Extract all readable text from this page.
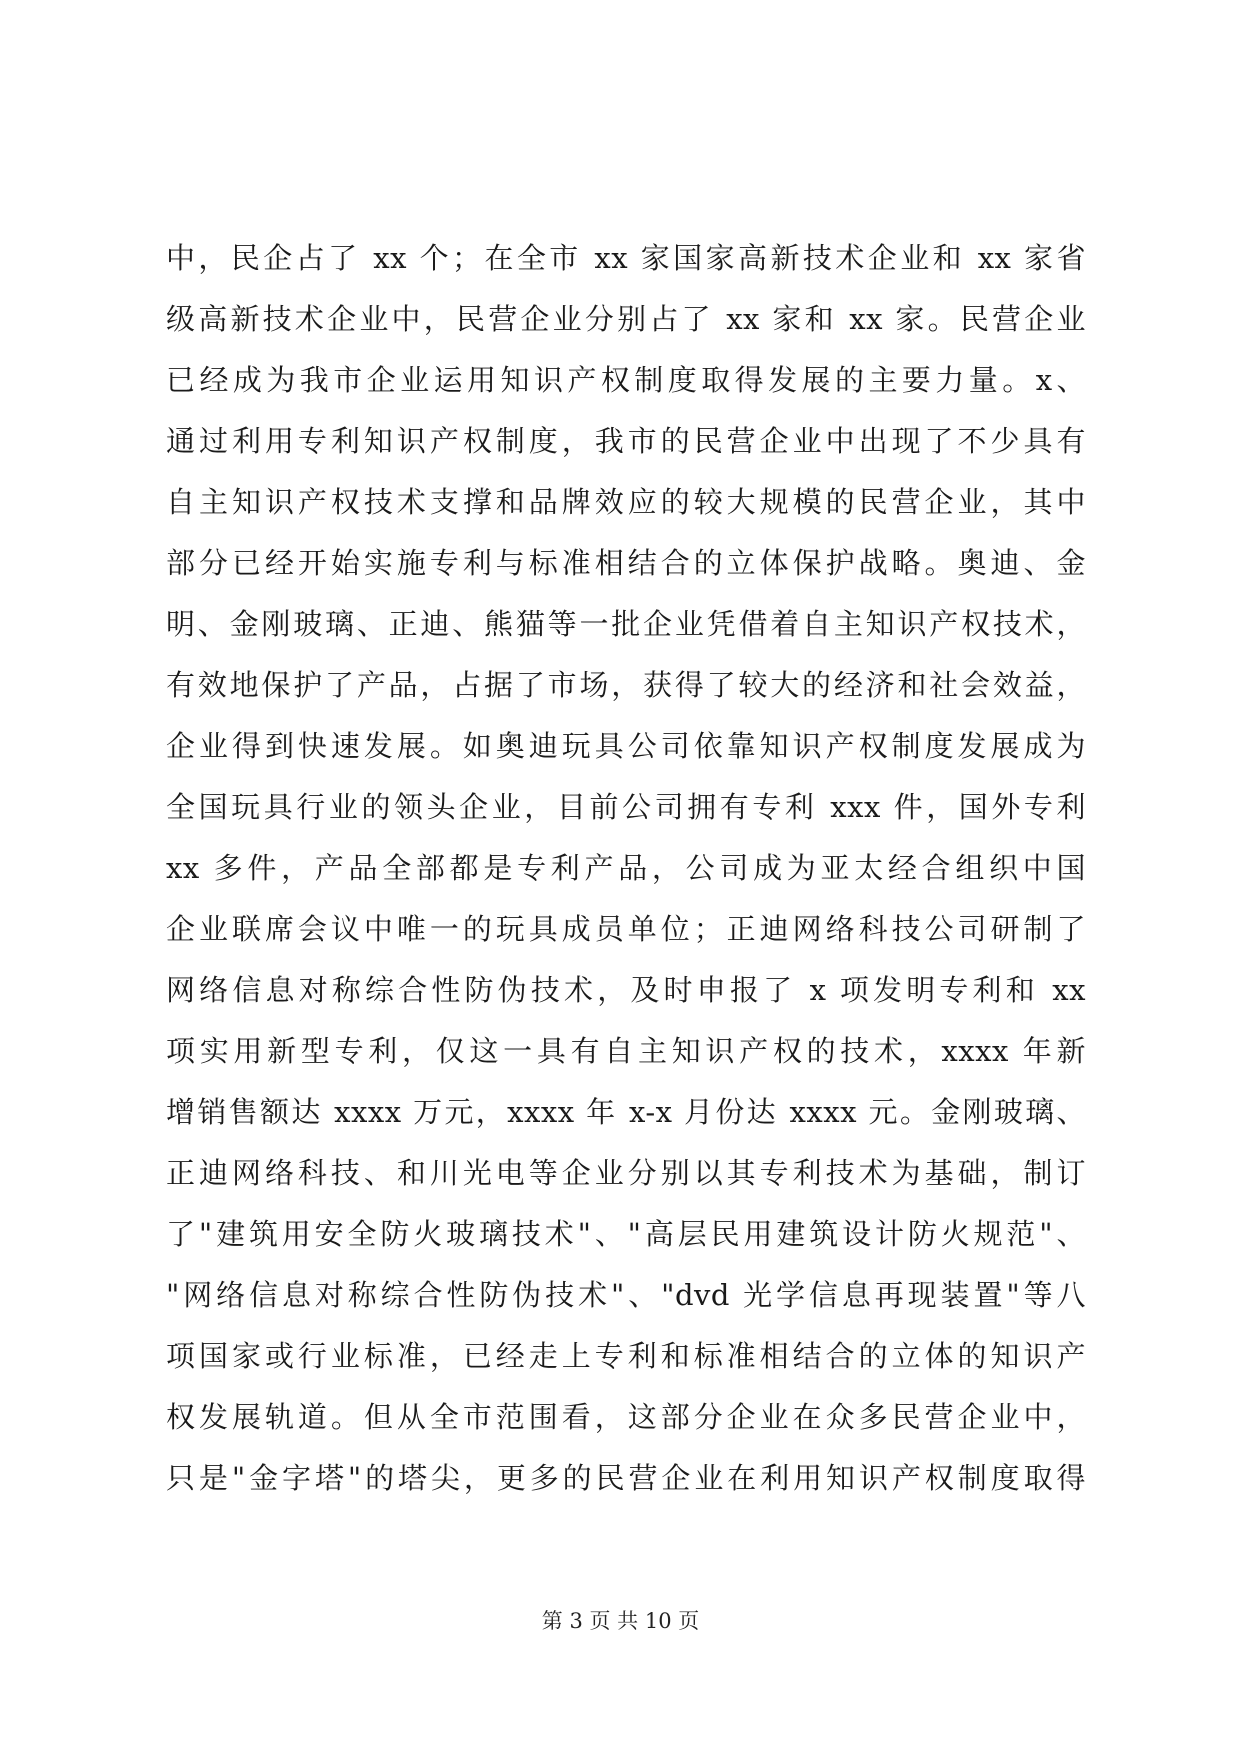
中，民企占了 xx 个；在全市 xx 家国家高新技术企业和 xx 家省
级高新技术企业中，民营企业分别占了 xx 家和 xx 家。民营企业
已经成为我市企业运用知识产权制度取得发展的主要力量。x、
通过利用专利知识产权制度，我市的民营企业中出现了不少具有
自主知识产权技术支撑和品牌效应的较大规模的民营企业，其中
部分已经开始实施专利与标准相结合的立体保护战略。奥迪、金
明、金刚玻璃、正迪、熊猫等一批企业凭借着自主知识产权技术，
有效地保护了产品，占据了市场，获得了较大的经济和社会效益，
企业得到快速发展。如奥迪玩具公司依靠知识产权制度发展成为
全国玩具行业的领头企业，目前公司拥有专利 xxx 件，国外专利
xx 多件，产品全部都是专利产品，公司成为亚太经合组织中国
企业联席会议中唯一的玩具成员单位；正迪网络科技公司研制了
网络信息对称综合性防伪技术，及时申报了 x 项发明专利和 xx
项实用新型专利，仅这一具有自主知识产权的技术，xxxx 年新
增销售额达 xxxx 万元，xxxx 年 x-x 月份达 xxxx 元。金刚玻璃、
正迪网络科技、和川光电等企业分别以其专利技术为基础，制订
了"建筑用安全防火玻璃技术"、"高层民用建筑设计防火规范"、
"网络信息对称综合性防伪技术"、"dvd 光学信息再现装置"等八
项国家或行业标准，已经走上专利和标准相结合的立体的知识产
权发展轨道。但从全市范围看，这部分企业在众多民营企业中，
只是"金字塔"的塔尖，更多的民营企业在利用知识产权制度取得
第 3 页 共 10 页
